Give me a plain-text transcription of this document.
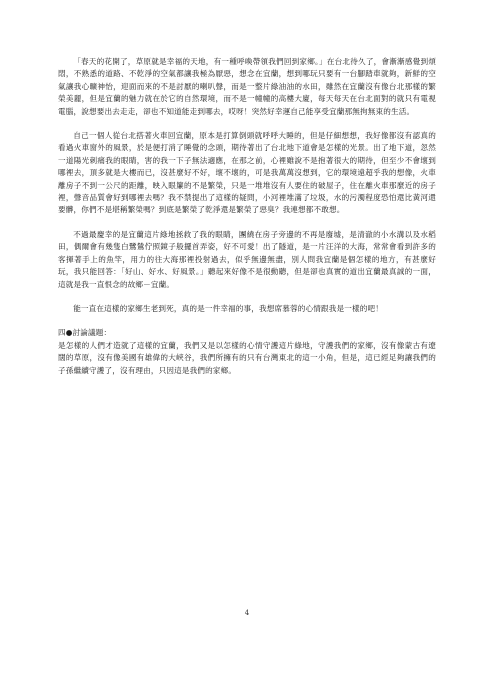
「春天的花開了，草原就是幸福的天地，有一種呼喚帶領我們回到家鄉。」在台北待久了，會漸漸感覺到煩悶，不熟悉的道路、不乾淨的空氣都讓我極為厭惡，想念在宜蘭，想到哪玩只要有一台腳踏車就夠，新鮮的空氣讓我心曠神怡，迎面而來的不是討厭的喇叭聲，而是一整片綠油油的水田，雖然在宜蘭沒有像台北那樣的繁榮美麗，但是宜蘭的魅力就在於它的自然環境，而不是一幢幢的高樓大廈，每天每天在台北面對的就只有電視電腦，說想要出去走走，卻也不知道能走到哪去，哎呀！突然好幸運自己能享受宜蘭那無拘無束的生活。

自己一個人從台北搭著火車回宜蘭，原本是打算倒頭就呼呼大睡的，但是仔細想想，我好像都沒有認真的看過火車窗外的風景，於是便打消了睡覺的念頭，期待著出了台北地下道會是怎樣的光景。出了地下道，忽然一道陽光刺痛我的眼睛，害的我一下子無法適應，在那之前，心裡雖說不是抱著很大的期待，但至少不會壞到哪裡去，頂多就是大樓而已，沒甚麼好不好，壞不壞的，可是我萬萬沒想到，它的環境遠超乎我的想像，火車離房子不到一公尺的距離，映入眼簾的不是繁榮，只是一堆堆沒有人要住的破屋子，住在離火車那麼近的房子裡，聲音品質會好到哪裡去嗎？我不禁提出了這樣的疑問，小河裡堆滿了垃圾，水的污濁程度恐怕還比黃河還要髒，你們不是堪稱繁榮嗎？到底是繁榮了乾淨還是繁榮了惡臭？我連想都不敢想。

不過最慶幸的是宜蘭這片綠地拯救了我的眼睛，團繞在房子旁邊的不再是廢墟，是清澈的小水溝以及水稻田，偶爾會有幾隻白鷺鷥佇照鏡子般擺首弄姿，好不可愛！出了隧道，是一片汪洋的大海，常常會看到許多的客揮著手上的魚竿，用力的往大海那裡投射過去，似乎無邊無盡，別人問我宜蘭是個怎樣的地方，有甚麼好玩，我只能回答：「好山、好水、好風景。」聽起來好像不是很動聽，但是卻也真實的道出宜蘭最真誠的一面，這就是我一直恨念的故鄉－宜蘭。

能一直在這樣的家鄉生老到死，真的是一件幸福的事，我想席慕蓉的心情跟我是一樣的吧！

四●討論議題：

是怎樣的人們才造就了這樣的宜蘭，我們又是以怎樣的心情守護這片綠地，守護我們的家鄉，沒有像蒙古有遼闊的草原，沒有像美國有雄偉的大峽谷，我們所擁有的只有台灣東北的這一小角，但是，這已經足夠讓我們的子孫繼續守護了，沒有理由，只因這是我們的家鄉。

4
